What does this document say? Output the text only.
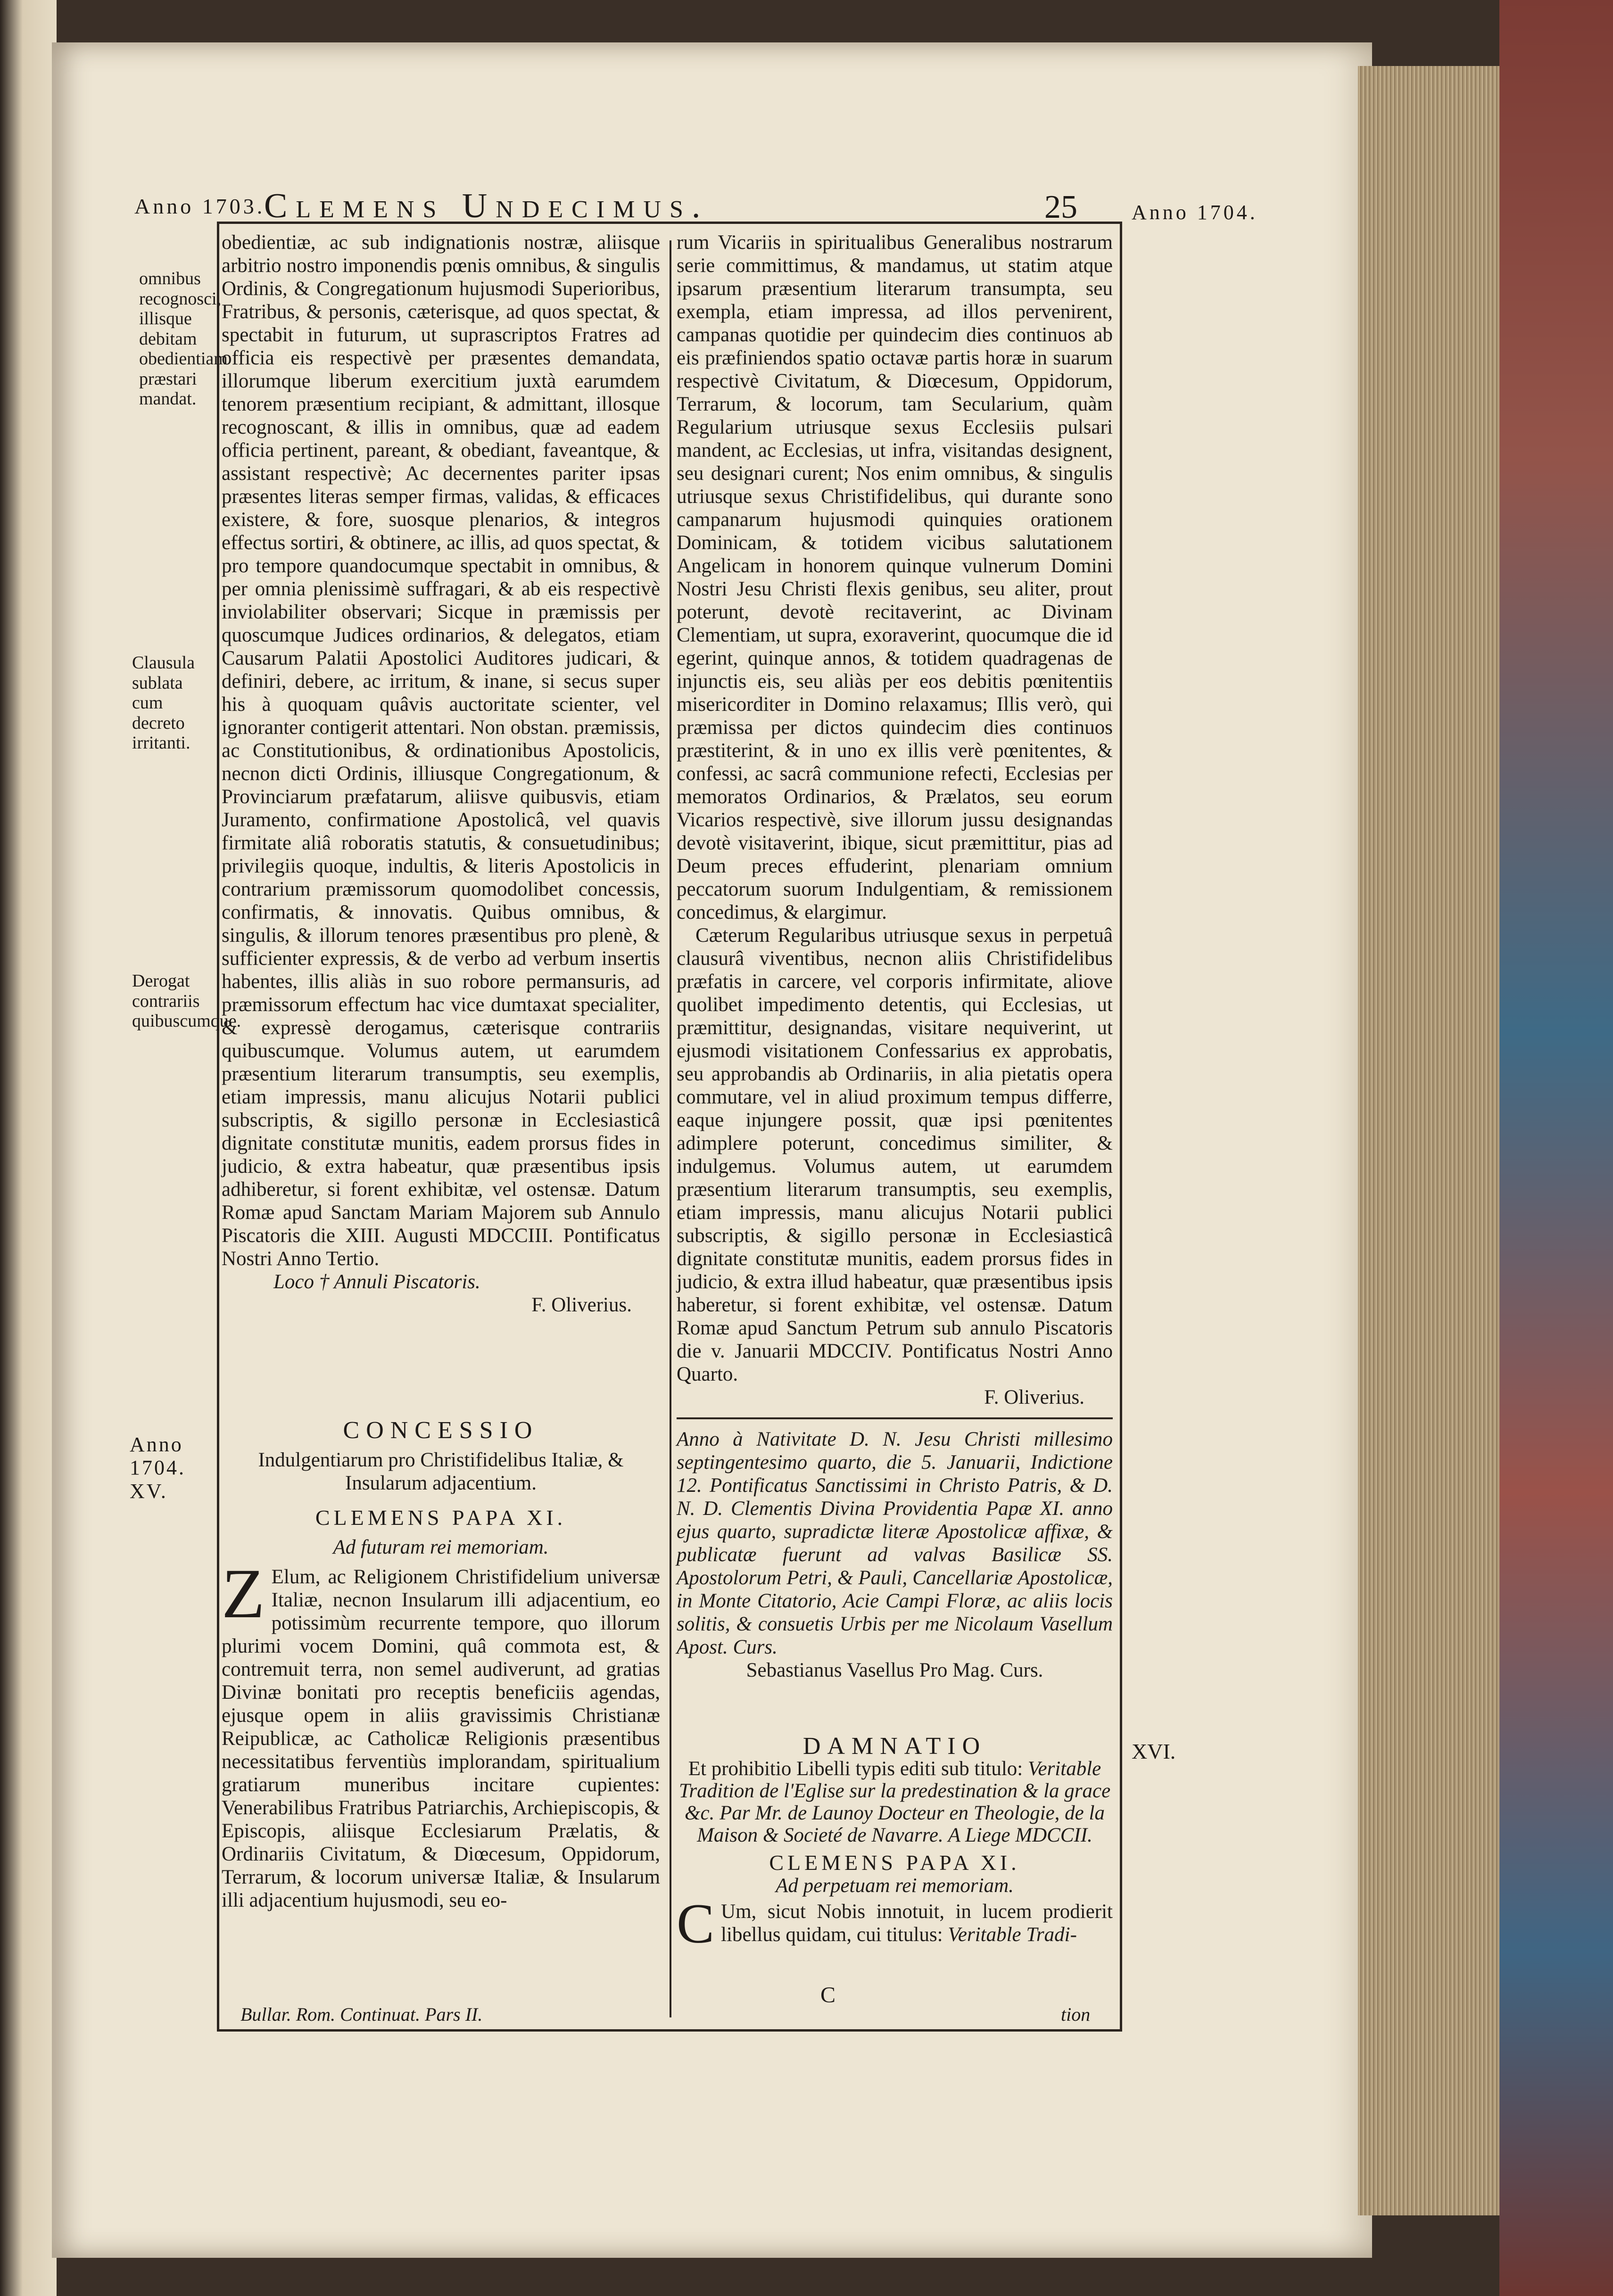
Anno 1703.
Clemens Undecimus.	25	Anno 1704.
omnibus recognosci, illisque debitam obedientiam præstari mandat.
Clausula sublata cum decreto irritanti.
Derogat contrariis quibuscumque.
Anno 1704. XV.
XVI.
obedientiæ, ac sub indignationis nostræ, aliisque arbitrio nostro imponendis pœnis omnibus, & singulis Ordinis, & Congregationum hujusmodi Superioribus, Fratribus, & personis, cæterisque, ad quos spectat, & spectabit in futurum, ut suprascriptos Fratres ad officia eis respectivè per præsentes demandata, illorumque liberum exercitium juxtà earumdem tenorem præsentium recipiant, & admittant, illosque recognoscant, & illis in omnibus, quæ ad eadem officia pertinent, pareant, & obediant, faveantque, & assistant respectivè; Ac decernentes pariter ipsas præsentes literas semper firmas, validas, & efficaces existere, & fore, suosque plenarios, & integros effectus sortiri, & obtinere, ac illis, ad quos spectat, & pro tempore quandocumque spectabit in omnibus, & per omnia plenissimè suffragari, & ab eis respectivè inviolabiliter observari; Sicque in præmissis per quoscumque Judices ordinarios, & delegatos, etiam Causarum Palatii Apostolici Auditores judicari, & definiri, debere, ac irritum, & inane, si secus super his à quoquam quâvis auctoritate scienter, vel ignoranter contigerit attentari. Non obstan. præmissis, ac Constitutionibus, & ordinationibus Apostolicis, necnon dicti Ordinis, illiusque Congregationum, & Provinciarum præfatarum, aliisve quibusvis, etiam Juramento, confirmatione Apostolicâ, vel quavis firmitate aliâ roboratis statutis, & consuetudinibus; privilegiis quoque, indultis, & literis Apostolicis in contrarium præmissorum quomodolibet concessis, confirmatis, & innovatis. Quibus omnibus, & singulis, & illorum tenores præsentibus pro plenè, & sufficienter expressis, & de verbo ad verbum insertis habentes, illis aliàs in suo robore permansuris, ad præmissorum effectum hac vice dumtaxat specialiter, & expressè derogamus, cæterisque contrariis quibuscumque. Volumus autem, ut earumdem præsentium literarum transumptis, seu exemplis, etiam impressis, manu alicujus Notarii publici subscriptis, & sigillo personæ in Ecclesiasticâ dignitate constitutæ munitis, eadem prorsus fides in judicio, & extra habeatur, quæ præsentibus ipsis adhiberetur, si forent exhibitæ, vel ostensæ. Datum Romæ apud Sanctam Mariam Majorem sub Annulo Piscatoris die XIII. Augusti MDCCIII. Pontificatus Nostri Anno Tertio.
Loco † Annuli Piscatoris.
F. Oliverius.
CONCESSIO
Indulgentiarum pro Christifidelibus Italiæ, & Insularum adjacentium.
CLEMENS PAPA XI.
Ad futuram rei memoriam.
Z Elum, ac Religionem Christifidelium universæ Italiæ, necnon Insularum illi adjacentium, eo potissimùm recurrente tempore, quo illorum plurimi vocem Domini, quâ commota est, & contremuit terra, non semel audiverunt, ad gratias Divinæ bonitati pro receptis beneficiis agendas, ejusque opem in aliis gravissimis Christianæ Reipublicæ, ac Catholicæ Religionis præsentibus necessitatibus ferventiùs implorandam, spiritualium gratiarum muneribus incitare cupientes: Venerabilibus Fratribus Patriarchis, Archiepiscopis, & Episcopis, aliisque Ecclesiarum Prælatis, & Ordinariis Civitatum, & Diœcesum, Oppidorum, Terrarum, & locorum universæ Italiæ, & Insularum illi adjacentium hujusmodi, seu eo-
rum Vicariis in spiritualibus Generalibus nostrarum serie committimus, & mandamus, ut statim atque ipsarum præsentium literarum transumpta, seu exempla, etiam impressa, ad illos pervenirent, campanas quotidie per quindecim dies continuos ab eis præfiniendos spatio octavæ partis horæ in suarum respectivè Civitatum, & Diœcesum, Oppidorum, Terrarum, & locorum, tam Secularium, quàm Regularium utriusque sexus Ecclesiis pulsari mandent, ac Ecclesias, ut infra, visitandas designent, seu designari curent; Nos enim omnibus, & singulis utriusque sexus Christifidelibus, qui durante sono campanarum hujusmodi quinquies orationem Dominicam, & totidem vicibus salutationem Angelicam in honorem quinque vulnerum Domini Nostri Jesu Christi flexis genibus, seu aliter, prout poterunt, devotè recitaverint, ac Divinam Clementiam, ut supra, exoraverint, quocumque die id egerint, quinque annos, & totidem quadragenas de injunctis eis, seu aliàs per eos debitis pœnitentiis misericorditer in Domino relaxamus; Illis verò, qui præmissa per dictos quindecim dies continuos præstiterint, & in uno ex illis verè pœnitentes, & confessi, ac sacrâ communione refecti, Ecclesias per memoratos Ordinarios, & Prælatos, seu eorum Vicarios respectivè, sive illorum jussu designandas devotè visitaverint, ibique, sicut præmittitur, pias ad Deum preces effuderint, plenariam omnium peccatorum suorum Indulgentiam, & remissionem concedimus, & elargimur.
Cæterum Regularibus utriusque sexus in perpetuâ clausurâ viventibus, necnon aliis Christifidelibus præfatis in carcere, vel corporis infirmitate, aliove quolibet impedimento detentis, qui Ecclesias, ut præmittitur, designandas, visitare nequiverint, ut ejusmodi visitationem Confessarius ex approbatis, seu approbandis ab Ordinariis, in alia pietatis opera commutare, vel in aliud proximum tempus differre, eaque injungere possit, quæ ipsi pœnitentes adimplere poterunt, concedimus similiter, & indulgemus. Volumus autem, ut earumdem præsentium literarum transumptis, seu exemplis, etiam impressis, manu alicujus Notarii publici subscriptis, & sigillo personæ in Ecclesiasticâ dignitate constitutæ munitis, eadem prorsus fides in judicio, & extra illud habeatur, quæ præsentibus ipsis haberetur, si forent exhibitæ, vel ostensæ. Datum Romæ apud Sanctum Petrum sub annulo Piscatoris die v. Januarii MDCCIV. Pontificatus Nostri Anno Quarto.
F. Oliverius.
Anno à Nativitate D. N. Jesu Christi millesimo septingentesimo quarto, die 5. Januarii, Indictione 12. Pontificatus Sanctissimi in Christo Patris, & D. N. D. Clementis Divina Providentia Papæ XI. anno ejus quarto, supradictæ literæ Apostolicæ affixæ, & publicatæ fuerunt ad valvas Basilicæ SS. Apostolorum Petri, & Pauli, Cancellariæ Apostolicæ, in Monte Citatorio, Acie Campi Floræ, ac aliis locis solitis, & consuetis Urbis per me Nicolaum Vasellum Apost. Curs.
Sebastianus Vasellus Pro Mag. Curs.
DAMNATIO
Et prohibitio Libelli typis editi sub titulo: Veritable Tradition de l'Eglise sur la predestination & la grace &c. Par Mr. de Launoy Docteur en Theologie, de la Maison & Societé de Navarre. A Liege MDCCII.
CLEMENS PAPA XI.
Ad perpetuam rei memoriam.
C Um, sicut Nobis innotuit, in lucem prodierit libellus quidam, cui titulus: Veritable Tradi-
Bullar. Rom. Continuat. Pars II.
C
tion
